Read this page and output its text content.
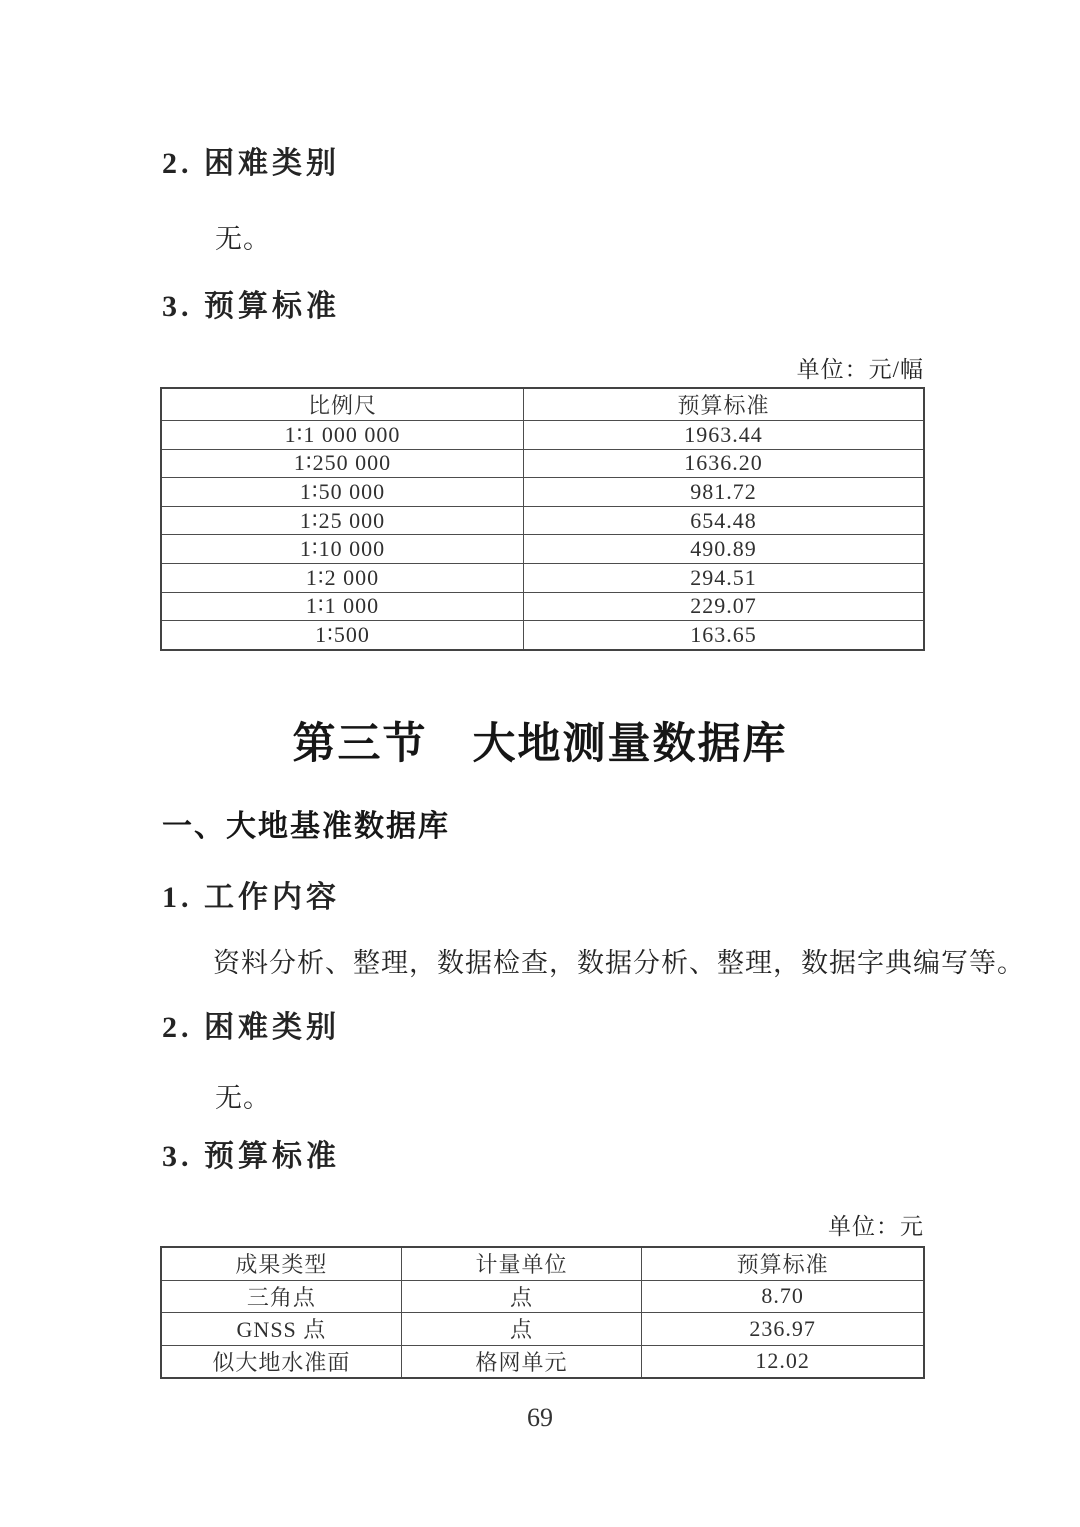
2. 困难类别
无。
3. 预算标准
单位：元/幅
比例尺	预算标准
1∶1 000 000	1963.44
1∶250 000	1636.20
1∶50 000	981.72
1∶25 000	654.48
1∶10 000	490.89
1∶2 000	294.51
1∶1 000	229.07
1∶500	163.65
第三节　大地测量数据库
一、大地基准数据库
1. 工作内容
资料分析、整理，数据检查，数据分析、整理，数据字典编写等。
2. 困难类别
无。
3. 预算标准
单位：元
成果类型	计量单位	预算标准
三角点	点	8.70
GNSS 点	点	236.97
似大地水准面	格网单元	12.02
69
